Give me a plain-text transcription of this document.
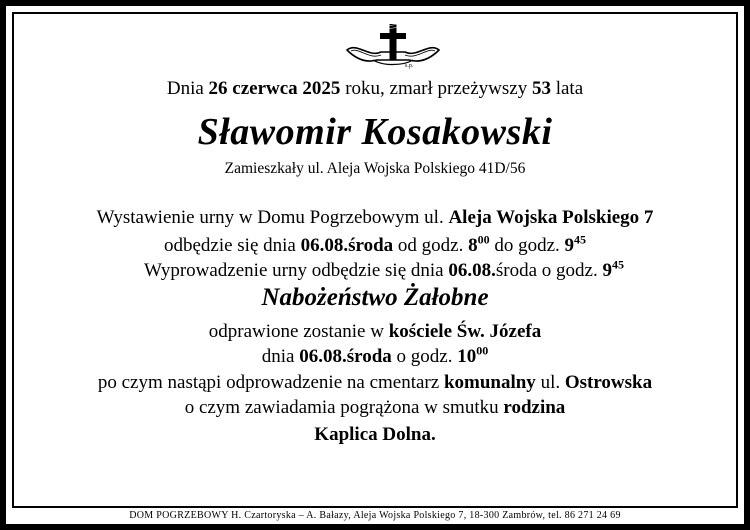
ś.p.
Dnia 26 czerwca 2025 roku, zmarł przeżywszy 53 lata
Sławomir Kosakowski
Zamieszkały ul. Aleja Wojska Polskiego 41D/56
Wystawienie urny w Domu Pogrzebowym ul. Aleja Wojska Polskiego 7
odbędzie się dnia 06.08.środa od godz. $8^{00}$ do godz. $9^{45}$
Wyprowadzenie urny odbędzie się dnia 06.08.środa o godz. $9^{45}$
Nabożeństwo Żałobne
odprawione zostanie w kościele Św. Józefa
dnia 06.08.środa o godz. $10^{00}$
po czym nastąpi odprowadzenie na cmentarz komunalny ul. Ostrowska
o czym zawiadamia pogrążona w smutku rodzina
Kaplica Dolna.
DOM POGRZEBOWY H. Czartoryska – A. Bałazy, Aleja Wojska Polskiego 7, 18-300 Zambrów, tel. 86 271 24 69
